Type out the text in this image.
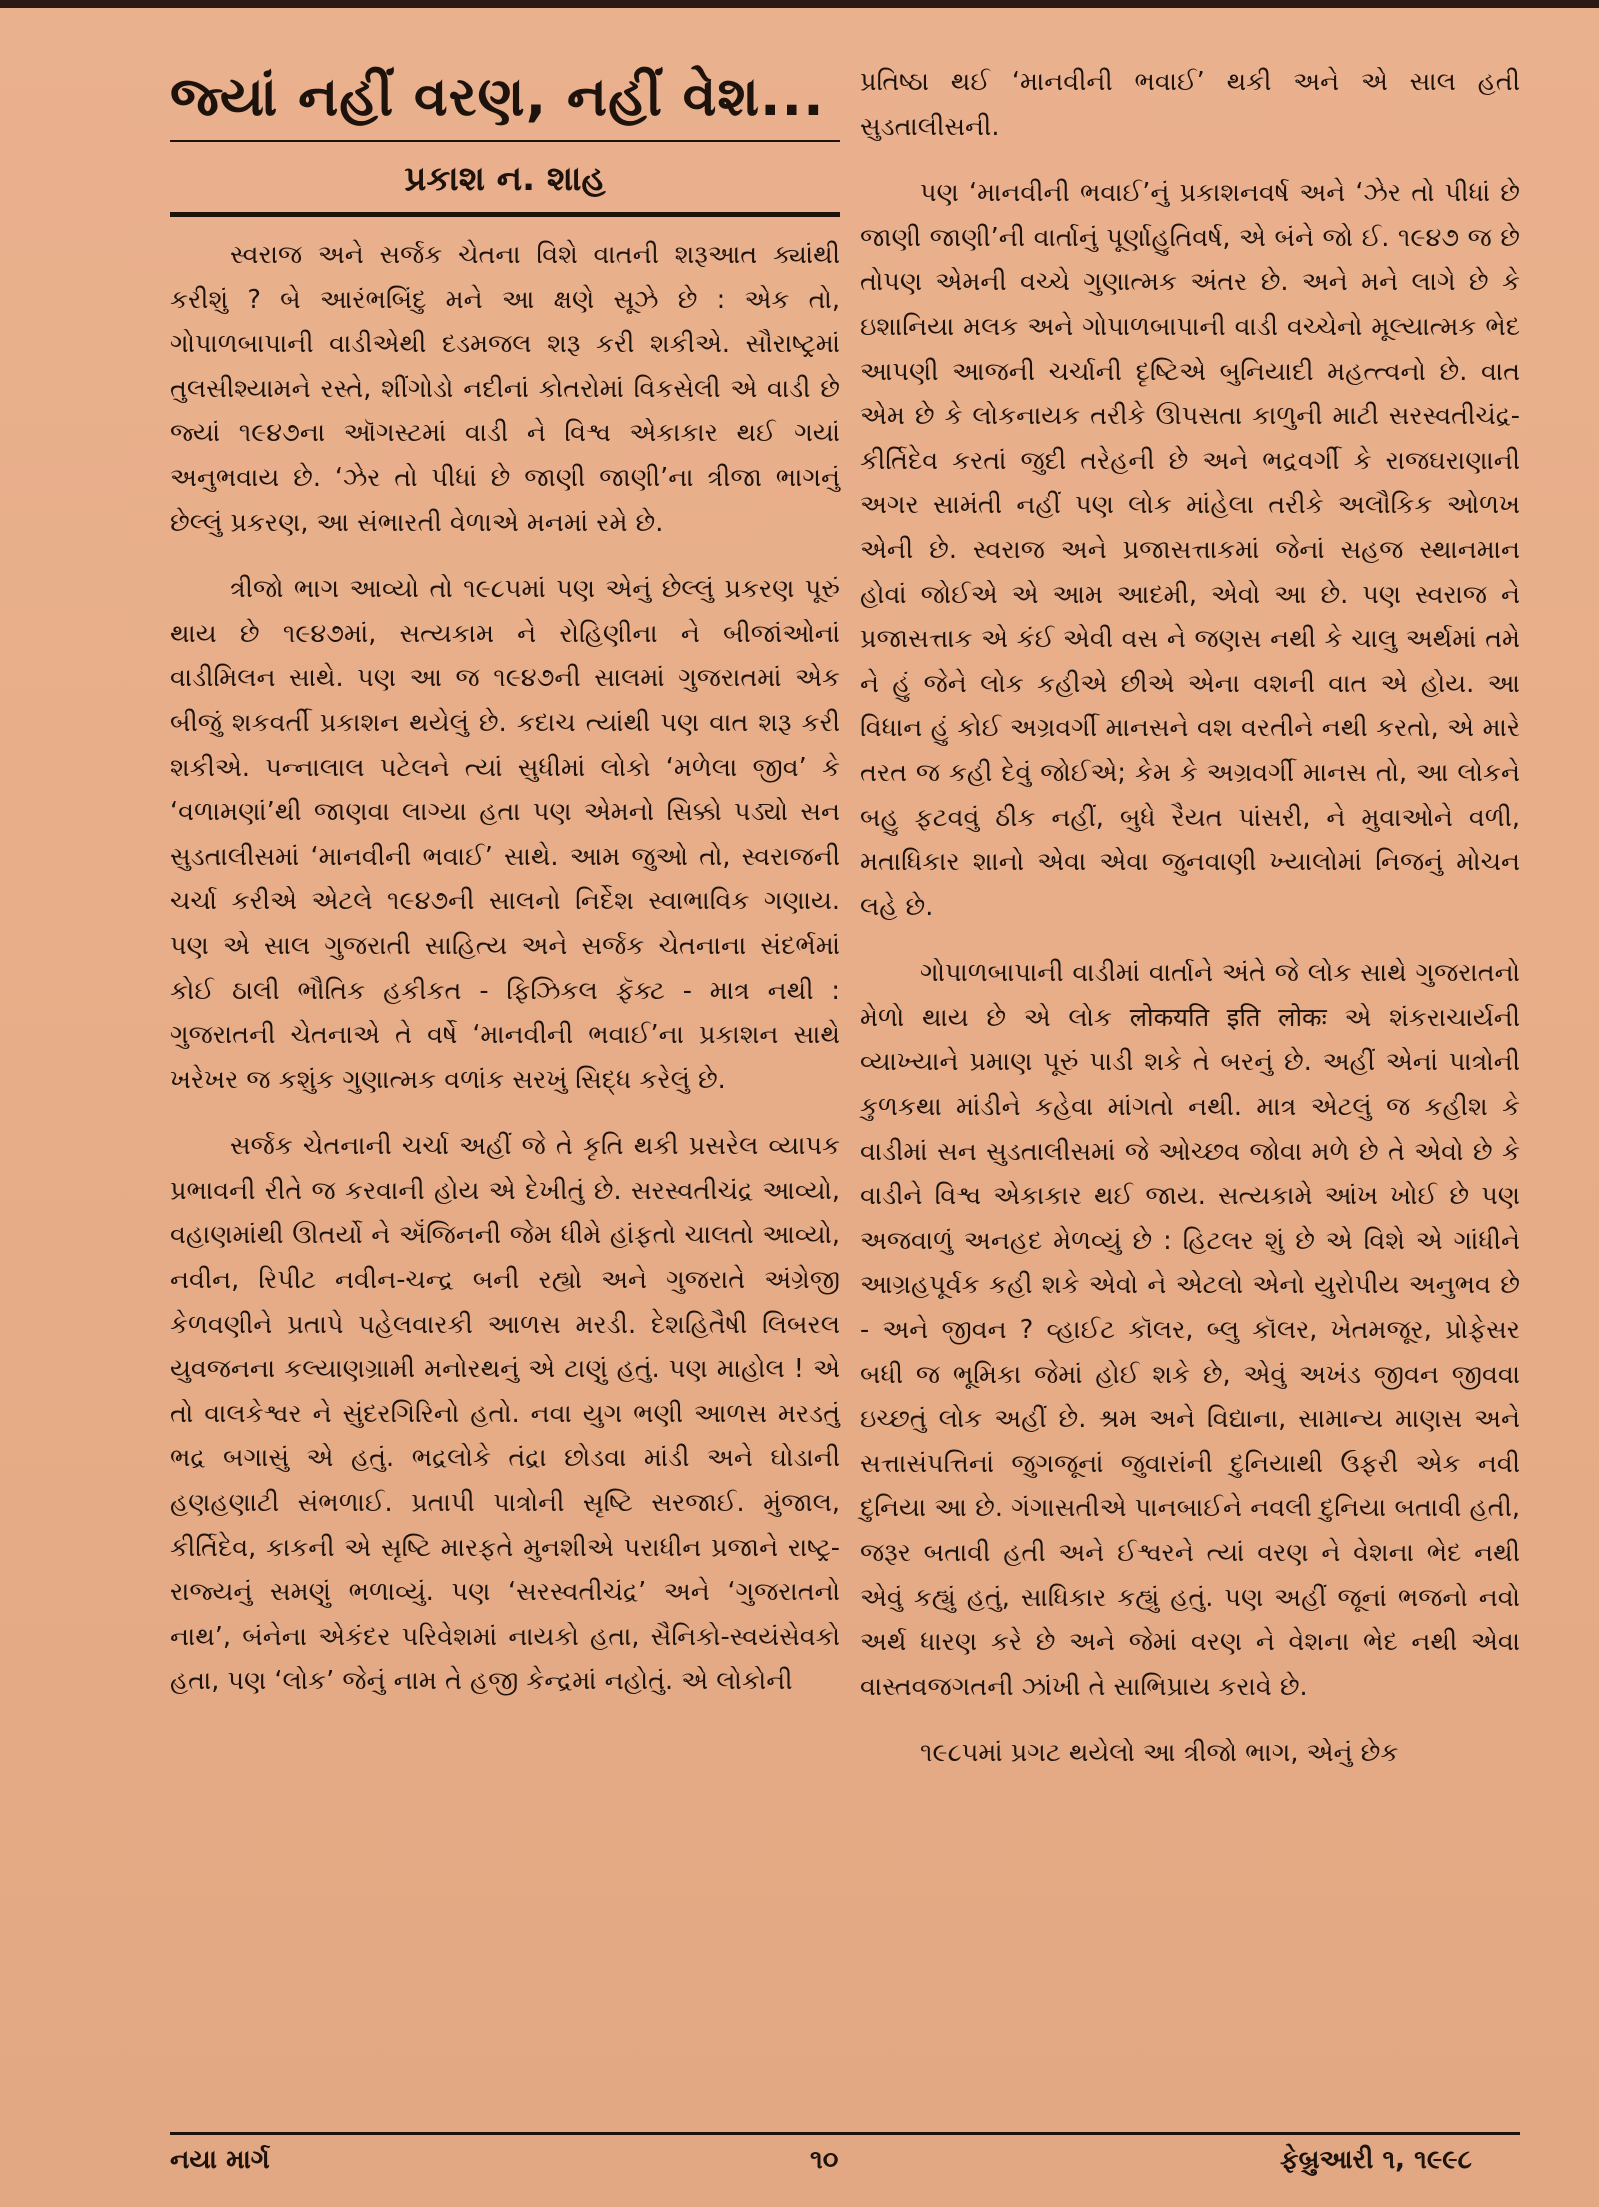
જ્યાં નહીં વરણ, નહીં વેશ...
પ્રકાશ ન. શાહ

સ્વરાજ અને સર્જક ચેતના વિશે વાતની શરૂઆત ક્યાંથી કરીશું ? બે આરંભબિંદુ મને આ ક્ષણે સૂઝે છે : એક તો, ગોપાળબાપાની વાડીએથી દડમજલ શરૂ કરી શકીએ. સૌરાષ્ટ્રમાં તુલસીશ્યામને રસ્તે, શીંગોડો નદીનાં કોતરોમાં વિકસેલી એ વાડી છે જ્યાં ૧૯૪૭ના ઑગસ્ટમાં વાડી ને વિશ્વ એકાકાર થઈ ગયાં અનુભવાય છે. ‘ઝેર તો પીધાં છે જાણી જાણી’ના ત્રીજા ભાગનું છેલ્લું પ્રકરણ, આ સંભારતી વેળાએ મનમાં રમે છે.

ત્રીજો ભાગ આવ્યો તો ૧૯૮૫માં પણ એનું છેલ્લું પ્રકરણ પૂરું થાય છે ૧૯૪૭માં, સત્યકામ ને રોહિણીના ને બીજાંઓનાં વાડીમિલન સાથે. પણ આ જ ૧૯૪૭ની સાલમાં ગુજરાતમાં એક બીજું શકવર્તી પ્રકાશન થયેલું છે. કદાચ ત્યાંથી પણ વાત શરૂ કરી શકીએ. પન્નાલાલ પટેલને ત્યાં સુધીમાં લોકો ‘મળેલા જીવ’ કે ‘વળામણાં’થી જાણવા લાગ્યા હતા પણ એમનો સિક્કો પડ્યો સન સુડતાલીસમાં ‘માનવીની ભવાઈ’ સાથે. આમ જુઓ તો, સ્વરાજની ચર્ચા કરીએ એટલે ૧૯૪૭ની સાલનો નિર્દેશ સ્વાભાવિક ગણાય. પણ એ સાલ ગુજરાતી સાહિત્ય અને સર્જક ચેતનાના સંદર્ભમાં કોઈ ઠાલી ભૌતિક હકીકત - ફિઝિકલ ફૅક્ટ - માત્ર નથી : ગુજરાતની ચેતનાએ તે વર્ષે ‘માનવીની ભવાઈ’ના પ્રકાશન સાથે ખરેખર જ કશુંક ગુણાત્મક વળાંક સરખું સિદ્ધ કરેલું છે.

સર્જક ચેતનાની ચર્ચા અહીં જે તે કૃતિ થકી પ્રસરેલ વ્યાપક પ્રભાવની રીતે જ કરવાની હોય એ દેખીતું છે. સરસ્વતીચંદ્ર આવ્યો, વહાણમાંથી ઊતર્યો ને ઍંજિનની જેમ ધીમે હાંફતો ચાલતો આવ્યો, નવીન, રિપીટ નવીન-ચન્દ્ર બની રહ્યો અને ગુજરાતે અંગ્રેજી કેળવણીને પ્રતાપે પહેલવારકી આળસ મરડી. દેશહિતૈષી લિબરલ યુવજનના કલ્યાણગ્રામી મનોરથનું એ ટાણું હતું. પણ માહોલ ! એ તો વાલકેશ્વર ને સુંદરગિરિનો હતો. નવા યુગ ભણી આળસ મરડતું ભદ્ર બગાસું એ હતું. ભદ્રલોકે તંદ્રા છોડવા માંડી અને ઘોડાની હણહણાટી સંભળાઈ. પ્રતાપી પાત્રોની સૃષ્ટિ સરજાઈ. મુંજાલ, કીર્તિદેવ, કાકની એ સૃષ્ટિ મારફતે મુનશીએ પરાધીન પ્રજાને રાષ્ટ્ર-રાજ્યનું સમણું ભળાવ્યું. પણ ‘સરસ્વતીચંદ્ર’ અને ‘ગુજરાતનો નાથ’, બંનેના એકંદર પરિવેશમાં નાયકો હતા, સૈનિકો-સ્વયંસેવકો હતા, પણ ‘લોક’ જેનું નામ તે હજી કેન્દ્રમાં નહોતું. એ લોકોની

પ્રતિષ્ઠા થઈ ‘માનવીની ભવાઈ’ થકી અને એ સાલ હતી સુડતાલીસની.

પણ ‘માનવીની ભવાઈ’નું પ્રકાશનવર્ષ અને ‘ઝેર તો પીધાં છે જાણી જાણી’ની વાર્તાનું પૂર્ણાહુતિવર્ષ, એ બંને જો ઈ. ૧૯૪૭ જ છે તોપણ એમની વચ્ચે ગુણાત્મક અંતર છે. અને મને લાગે છે કે ઇશાનિયા મલક અને ગોપાળબાપાની વાડી વચ્ચેનો મૂલ્યાત્મક ભેદ આપણી આજની ચર્ચાની દૃષ્ટિએ બુનિયાદી મહત્ત્વનો છે. વાત એમ છે કે લોકનાયક તરીકે ઊપસતા કાળુની માટી સરસ્વતીચંદ્ર-કીર્તિદેવ કરતાં જુદી તરેહની છે અને ભદ્રવર્ગી કે રાજઘરાણાની અગર સામંતી નહીં પણ લોક માંહેલા તરીકે અલૌકિક ઓળખ એની છે. સ્વરાજ અને પ્રજાસત્તાકમાં જેનાં સહજ સ્થાનમાન હોવાં જોઈએ એ આમ આદમી, એવો આ છે. પણ સ્વરાજ ને પ્રજાસત્તાક એ કંઈ એવી વસ ને જણસ નથી કે ચાલુ અર્થમાં તમે ને હું જેને લોક કહીએ છીએ એના વશની વાત એ હોય. આ વિધાન હું કોઈ અગ્રવર્ગી માનસને વશ વરતીને નથી કરતો, એ મારે તરત જ કહી દેવું જોઈએ; કેમ કે અગ્રવર્ગી માનસ તો, આ લોકને બહુ ફટવવું ઠીક નહીં, બુધે રૈયત પાંસરી, ને મુવાઓને વળી, મતાધિકાર શાનો એવા એવા જુનવાણી ખ્યાલોમાં નિજનું મોચન લહે છે.

ગોપાળબાપાની વાડીમાં વાર્તાને અંતે જે લોક સાથે ગુજરાતનો મેળો થાય છે એ લોક लोकयति इति लोकः એ શંકરાચાર્યની વ્યાખ્યાને પ્રમાણ પૂરું પાડી શકે તે બરનું છે. અહીં એનાં પાત્રોની કુળકથા માંડીને કહેવા માંગતો નથી. માત્ર એટલું જ કહીશ કે વાડીમાં સન સુડતાલીસમાં જે ઓચ્છવ જોવા મળે છે તે એવો છે કે વાડીને વિશ્વ એકાકાર થઈ જાય. સત્યકામે આંખ ખોઈ છે પણ અજવાળું અનહદ મેળવ્યું છે : હિટલર શું છે એ વિશે એ ગાંધીને આગ્રહપૂર્વક કહી શકે એવો ને એટલો એનો યુરોપીય અનુભવ છે - અને જીવન ? વ્હાઈટ કૉલર, બ્લુ કૉલર, ખેતમજૂર, પ્રોફેસર બધી જ ભૂમિકા જેમાં હોઈ શકે છે, એવું અખંડ જીવન જીવવા ઇચ્છતું લોક અહીં છે. શ્રમ અને વિદ્યાના, સામાન્ય માણસ અને સત્તાસંપત્તિનાં જુગજૂનાં જુવારાંની દુનિયાથી ઉફરી એક નવી દુનિયા આ છે. ગંગાસતીએ પાનબાઈને નવલી દુનિયા બતાવી હતી, જરૂર બતાવી હતી અને ઈશ્વરને ત્યાં વરણ ને વેશના ભેદ નથી એવું કહ્યું હતું, સાધિકાર કહ્યું હતું. પણ અહીં જૂનાં ભજનો નવો અર્થ ધારણ કરે છે અને જેમાં વરણ ને વેશના ભેદ નથી એવા વાસ્તવજગતની ઝાંખી તે સાભિપ્રાય કરાવે છે.

૧૯૮૫માં પ્રગટ થયેલો આ ત્રીજો ભાગ, એનું છેક

નયા માર્ગ	૧૦	ફેબ્રુઆરી ૧, ૧૯૯૮
